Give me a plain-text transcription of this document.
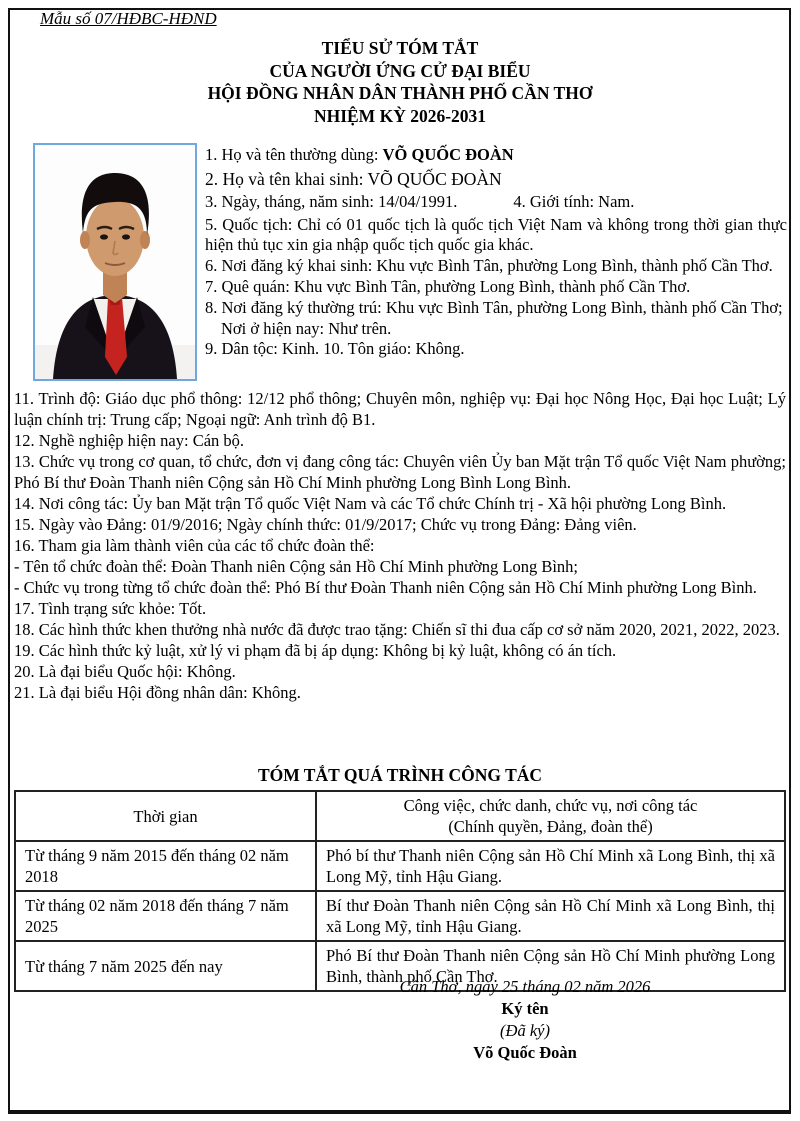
Mẫu số 07/HĐBC-HĐND
TIỂU SỬ TÓM TẮT
CỦA NGƯỜI ỨNG CỬ ĐẠI BIỂU
HỘI ĐỒNG NHÂN DÂN THÀNH PHỐ CẦN THƠ
NHIỆM KỲ 2026-2031

1. Họ và tên thường dùng: VÕ QUỐC ĐOÀN

2. Họ và tên khai sinh: VÕ QUỐC ĐOÀN

3. Ngày, tháng, năm sinh: 14/04/1991.	4. Giới tính: Nam.

5. Quốc tịch: Chỉ có 01 quốc tịch là quốc tịch Việt Nam và không trong thời gian thực hiện thủ tục xin gia nhập quốc tịch quốc gia khác.

6. Nơi đăng ký khai sinh: Khu vực Bình Tân, phường Long Bình, thành phố Cần Thơ.

7. Quê quán: Khu vực Bình Tân, phường Long Bình, thành phố Cần Thơ.

8. Nơi đăng ký thường trú: Khu vực Bình Tân, phường Long Bình, thành phố Cần Thơ;

Nơi ở hiện nay: Như trên.

9. Dân tộc: Kinh. 10. Tôn giáo: Không.

11. Trình độ: Giáo dục phổ thông: 12/12 phổ thông; Chuyên môn, nghiệp vụ: Đại học Nông Học, Đại học Luật; Lý luận chính trị: Trung cấp; Ngoại ngữ: Anh trình độ B1.

12. Nghề nghiệp hiện nay: Cán bộ.

13. Chức vụ trong cơ quan, tổ chức, đơn vị đang công tác: Chuyên viên Ủy ban Mặt trận Tổ quốc Việt Nam phường; Phó Bí thư Đoàn Thanh niên Cộng sản Hồ Chí Minh phường Long Bình Long Bình.

14. Nơi công tác: Ủy ban Mặt trận Tổ quốc Việt Nam và các Tổ chức Chính trị - Xã hội phường Long Bình.

15. Ngày vào Đảng: 01/9/2016; Ngày chính thức: 01/9/2017; Chức vụ trong Đảng: Đảng viên.

16. Tham gia làm thành viên của các tổ chức đoàn thể:

- Tên tổ chức đoàn thể: Đoàn Thanh niên Cộng sản Hồ Chí Minh phường Long Bình;

- Chức vụ trong từng tổ chức đoàn thể: Phó Bí thư Đoàn Thanh niên Cộng sản Hồ Chí Minh phường Long Bình.

17. Tình trạng sức khỏe: Tốt.

18. Các hình thức khen thưởng nhà nước đã được trao tặng: Chiến sĩ thi đua cấp cơ sở năm 2020, 2021, 2022, 2023.

19. Các hình thức kỷ luật, xử lý vi phạm đã bị áp dụng: Không bị kỷ luật, không có án tích.

20. Là đại biểu Quốc hội: Không.

21. Là đại biểu Hội đồng nhân dân: Không.

TÓM TẮT QUÁ TRÌNH CÔNG TÁC
Thời gian	Công việc, chức danh, chức vụ, nơi công tác
(Chính quyền, Đảng, đoàn thể)

Từ tháng 9 năm 2015 đến tháng 02 năm 2018	Phó bí thư Thanh niên Cộng sản Hồ Chí Minh xã Long Bình, thị xã Long Mỹ, tỉnh Hậu Giang.
Từ tháng 02 năm 2018 đến tháng 7 năm 2025	Bí thư Đoàn Thanh niên Cộng sản Hồ Chí Minh xã Long Bình, thị xã Long Mỹ, tỉnh Hậu Giang.
Từ tháng 7 năm 2025 đến nay	Phó Bí thư Đoàn Thanh niên Cộng sản Hồ Chí Minh phường Long Bình, thành phố Cần Thơ.
Cần Thơ, ngày 25 tháng 02 năm 2026
Ký tên
(Đã ký)
Võ Quốc Đoàn
